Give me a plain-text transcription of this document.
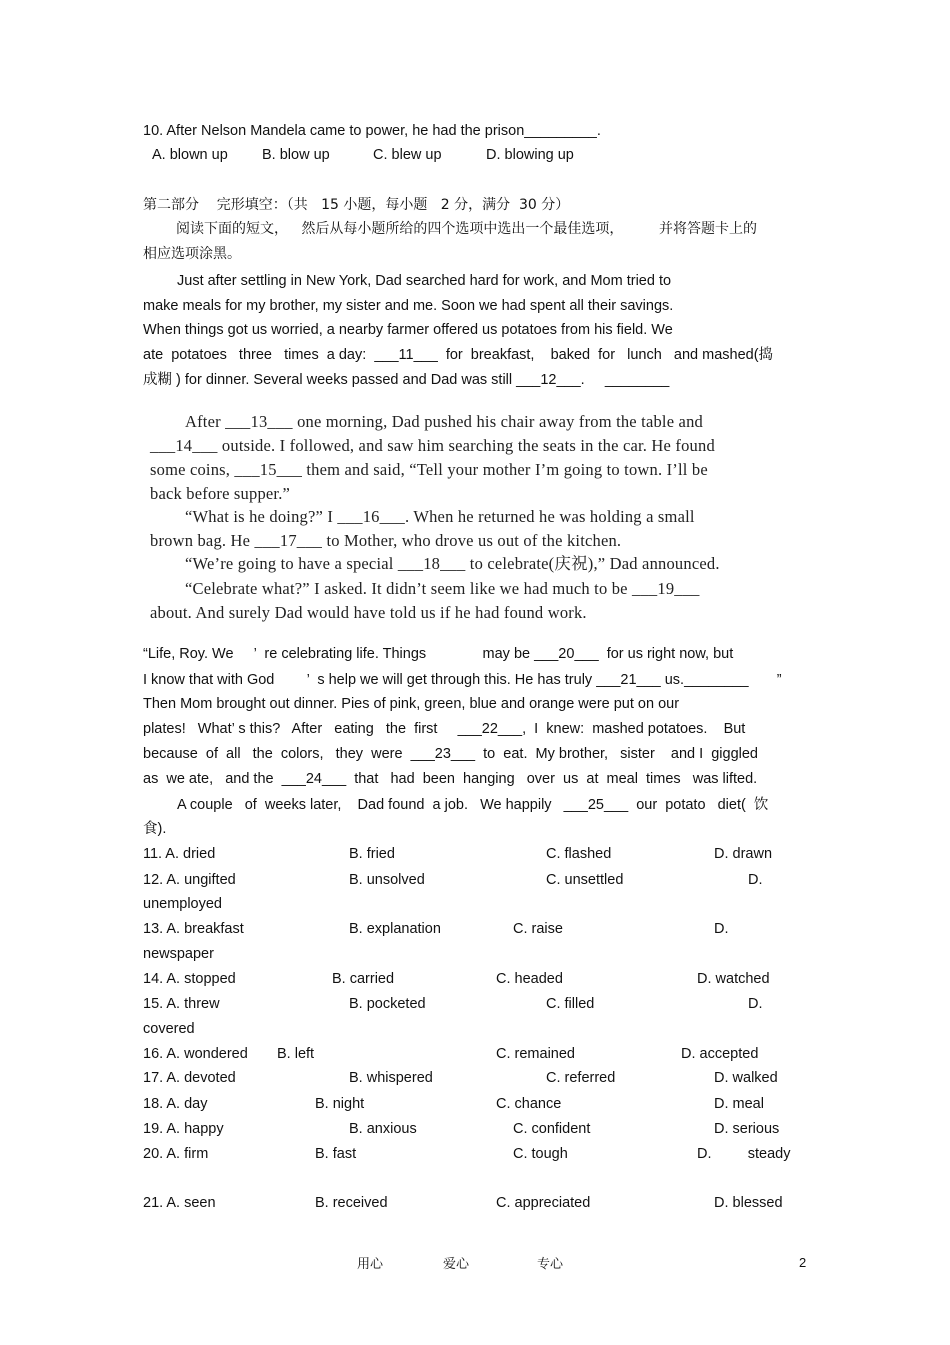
10. After Nelson Mandela came to power, he had the prison_________.
A. blown up B. blow up	C. blew up	D. blowing up
第二部分    完形填空：（共   15 小题，每小题   2 分，满分  30 分）
阅读下面的短文，   然后从每小题所给的四个选项中选出一个最佳选项，        并将答题卡上的
相应选项涂黑。
Just after settling in New York, Dad searched hard for work, and Mom tried to
make meals for my brother, my sister and me. Soon we had spent all their savings.
When things got us worried, a nearby farmer offered us potatoes from his field. We
ate  potatoes   three   times  a day:  ___11___  for  breakfast,    baked  for   lunch   and mashed(捣
成糊 ) for dinner. Several weeks passed and Dad was still ___12___.     ________
After ___13___ one morning, Dad pushed his chair away from the table and
___14___ outside. I followed, and saw him searching the seats in the car. He found
some coins, ___15___ them and said, “Tell your mother I’m going to town. I’ll be
back before supper.”
“What is he doing?” I ___16___. When he returned he was holding a small
brown bag. He ___17___ to Mother, who drove us out of the kitchen.
“We’re going to have a special ___18___ to celebrate(庆祝),” Dad announced.
“Celebrate what?” I asked. It didn’t seem like we had much to be ___19___
about. And surely Dad would have told us if he had found work.
“Life, Roy. We     ’  re celebrating life. Things              may be ___20___  for us right now, but
I know that with God        ’  s help we will get through this. He has truly ___21___ us.________       ”
Then Mom brought out dinner. Pies of pink, green, blue and orange were put on our
plates!   What’ s this?   After   eating   the  first     ___22___,  I  knew:  mashed potatoes.    But
because  of  all   the  colors,   they  were  ___23___  to  eat.  My brother,   sister    and I  giggled
as  we ate,   and the  ___24___  that   had  been  hanging   over  us  at  meal  times   was lifted.
A couple   of  weeks later,    Dad found  a job.   We happily   ___25___  our  potato   diet(  饮
食).
11. A. dried	B. fried	C. flashed	D. drawn
12. A. ungifted	B. unsolved	C. unsettled	D.
unemployed
13. A. breakfast	B. explanation	C. raise	D.
newspaper
14. A. stopped	B. carried	C. headed	D. watched
15. A. threw	B. pocketed	C. filled	D.
covered
16. A. wondered B. left	C. remained	D. accepted
17. A. devoted	B. whispered	C. referred	D. walked
18. A. day	B. night	C. chance	D. meal
19. A. happy	B. anxious	C. confident	D. serious
20. A. firm	B. fast	C. tough	D.         steady
21. A. seen	B. received	C. appreciated	D. blessed
用心	爱心	专心	2
